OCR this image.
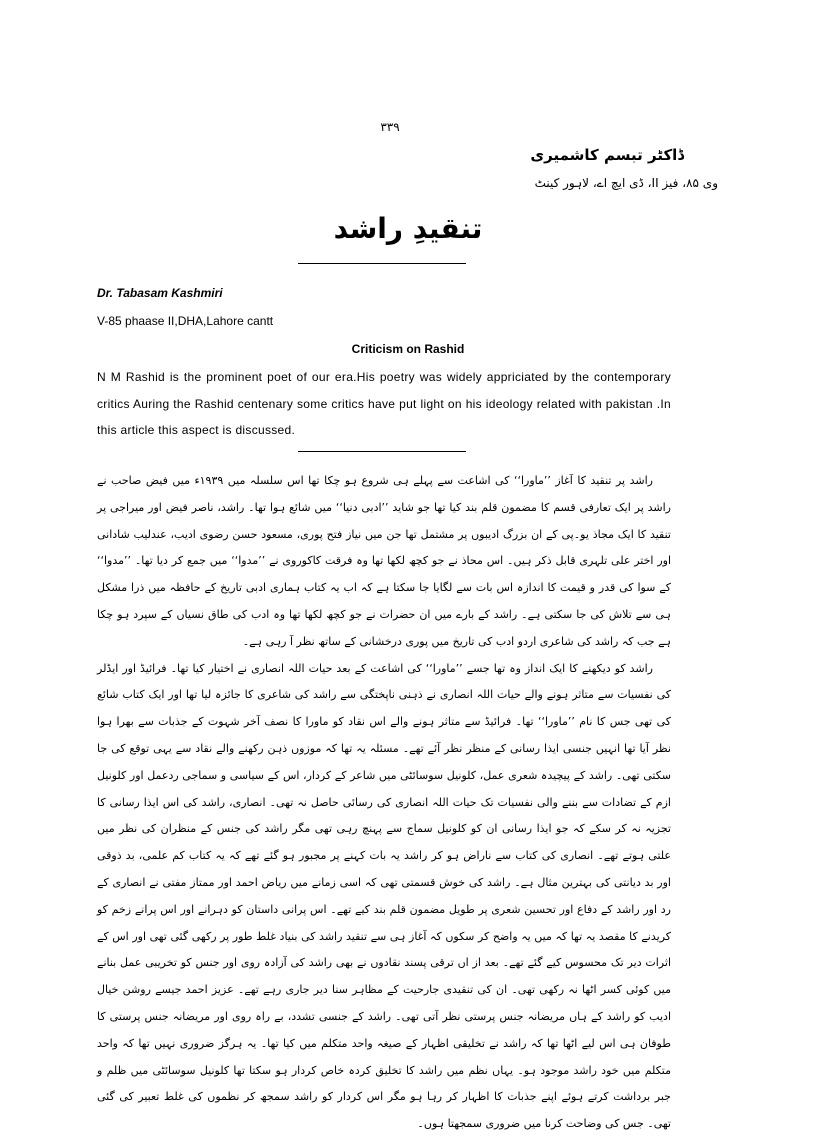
۳۳۹
ڈاکٹر تبسم کاشمیری
وی ۸۵، فیز II، ڈی ایچ اے، لاہور کینٹ
تنقیدِ راشد
Dr. Tabasam Kashmiri
V-85 phaase II,DHA,Lahore cantt
Criticism on Rashid
N M Rashid is the prominent poet of our era.His poetry was widely appriciated by the contemporary critics Auring the Rashid centenary some critics have put light on his ideology related with pakistan .In this article this aspect is discussed.

راشد پر تنقید کا آغاز ’’ماورا‘‘ کی اشاعت سے پہلے ہی شروع ہو چکا تھا اس سلسلہ میں ۱۹۳۹ء میں فیض صاحب نے راشد پر ایک تعارفی قسم کا مضمون قلم بند کیا تھا جو شاید ’’ادبی دنیا‘‘ میں شائع ہوا تھا۔ راشد، ناصر فیض اور میراجی پر تنقید کا ایک مجاذ یو۔پی کے ان بزرگ ادیبوں پر مشتمل تھا جن میں نیاز فتح پوری، مسعود حسن رضوی ادیب، عندلیب شادانی اور اختر علی تلہری قابل ذکر ہیں۔ اس محاذ نے جو کچھ لکھا تھا وہ فرقت کاکوروی نے ’’مدوا‘‘ میں جمع کر دیا تھا۔ ’’مدوا‘‘ کے سوا کی قدر و قیمت کا اندازہ اس بات سے لگایا جا سکتا ہے کہ اب یہ کتاب ہماری ادبی تاریخ کے حافظہ میں ذرا مشکل ہی سے تلاش کی جا سکتی ہے۔ راشد کے بارے میں ان حضرات نے جو کچھ لکھا تھا وہ ادب کی طاق نسیاں کے سپرد ہو چکا ہے جب کہ راشد کی شاعری اردو ادب کی تاریخ میں پوری درخشانی کے ساتھ نظر آ رہی ہے۔

راشد کو دیکھنے کا ایک انداز وہ تھا جسے ’’ماورا‘‘ کی اشاعت کے بعد حیات اللہ انصاری نے اختیار کیا تھا۔ فرائیڈ اور ایڈلر کی نفسیات سے متاثر ہونے والے حیات اللہ انصاری نے ذہنی ناپختگی سے راشد کی شاعری کا جائزہ لیا تھا اور ایک کتاب شائع کی تھی جس کا نام ’’ماورا‘‘ تھا۔ فرائیڈ سے متاثر ہونے والے اس نقاد کو ماورا کا نصف آخر شہوت کے جذبات سے بھرا ہوا نظر آیا تھا انہیں جنسی ایذا رسانی کے منظر نظر آئے تھے۔ مسئلہ یہ تھا کہ موزوں ذہن رکھنے والے نقاد سے یہی توقع کی جا سکتی تھی۔ راشد کے پیچیدہ شعری عمل، کلونیل سوسائٹی میں شاعر کے کردار، اس کے سیاسی و سماجی ردعمل اور کلونیل ازم کے تضادات سے بننے والی نفسیات تک حیات اللہ انصاری کی رسائی حاصل نہ تھی۔ انصاری، راشد کی اس ایذا رسانی کا تجزیہ نہ کر سکے کہ جو ایذا رسانی ان کو کلونیل سماج سے پہنچ رہی تھی مگر راشد کی جنس کے منظران کی نظر میں علتی ہوتے تھے۔ انصاری کی کتاب سے ناراض ہو کر راشد یہ بات کہنے پر مجبور ہو گئے تھے کہ یہ کتاب کم علمی، بد ذوقی اور بد دیانتی کی بہترین مثال ہے۔ راشد کی خوش قسمتی تھی کہ اسی زمانے میں ریاض احمد اور ممتاز مفتی نے انصاری کے رد اور راشد کے دفاع اور تحسین شعری پر طویل مضمون قلم بند کیے تھے۔ اس پرانی داستان کو دہرانے اور اس پرانے زخم کو کریدنے کا مقصد یہ تھا کہ میں یہ واضح کر سکوں کہ آغاز ہی سے تنقید راشد کی بنیاد غلط طور پر رکھی گئی تھی اور اس کے اثرات دیر تک محسوس کیے گئے تھے۔ بعد از اں ترقی پسند نقادوں نے بھی راشد کی آزادہ روی اور جنس کو تخریبی عمل بنانے میں کوئی کسر اٹھا نہ رکھی تھی۔ ان کی تنقیدی جارحیت کے مظاہر سنا دیر جاری رہے تھے۔ عزیز احمد جیسے روشن خیال ادیب کو راشد کے ہاں مریضانہ جنس پرستی نظر آتی تھی۔ راشد کے جنسی تشدد، بے راہ روی اور مریضانہ جنس پرستی کا طوفان ہی اس لیے اٹھا تھا کہ راشد نے تخلیقی اظہار کے صیغہ واحد متکلم میں کیا تھا۔ یہ ہرگز ضروری نہیں تھا کہ واحد متکلم میں خود راشد موجود ہو۔ یہاں نظم میں راشد کا تخلیق کردہ خاص کردار ہو سکتا تھا کلونیل سوسائٹی میں ظلم و جبر برداشت کرتے ہوئے اپنے جذبات کا اظہار کر رہا ہو مگر اس کردار کو راشد سمجھ کر نظموں کی غلط تعبیر کی گئی تھی۔ جس کی وضاحت کرنا میں ضروری سمجھتا ہوں۔
